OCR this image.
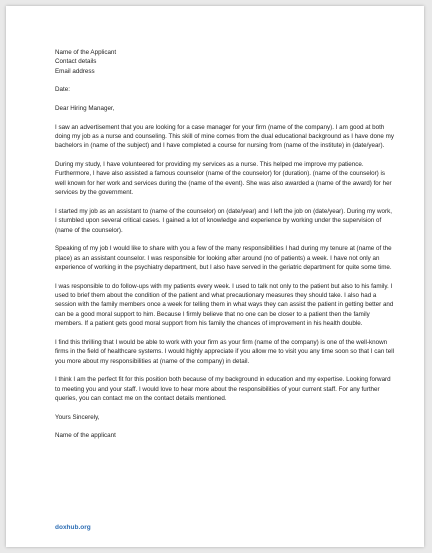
Name of the Applicant

Contact details

Email address

Date:

Dear Hiring Manager,

I saw an advertisement that you are looking for a case manager for your firm (name of the company). I am good at both doing my job as a nurse and counseling. This skill of mine comes from the dual educational background as I have done my bachelors in (name of the subject) and I have completed a course for nursing from (name of the institute) in (date/year).

During my study, I have volunteered for providing my services as a nurse. This helped me improve my patience. Furthermore, I have also assisted a famous counselor (name of the counselor) for (duration). (name of the counselor) is well known for her work and services during the (name of the event). She was also awarded a (name of the award) for her services by the government.

I started my job as an assistant to (name of the counselor) on (date/year) and I left the job on (date/year). During my work, I stumbled upon several critical cases. I gained a lot of knowledge and experience by working under the supervision of (name of the counselor).

Speaking of my job I would like to share with you a few of the many responsibilities I had during my tenure at (name of the place) as an assistant counselor. I was responsible for looking after around (no of patients) a week. I have not only an experience of working in the psychiatry department, but I also have served in the geriatric department for quite some time.

I was responsible to do follow-ups with my patients every week. I used to talk not only to the patient but also to his family. I used to brief them about the condition of the patient and what precautionary measures they should take. I also had a session with the family members once a week for telling them in what ways they can assist the patient in getting better and can be a good moral support to him. Because I firmly believe that no one can be closer to a patient then the family members. If a patient gets good moral support from his family the chances of improvement in his health double.

I find this thrilling that I would be able to work with your firm as your firm (name of the company) is one of the well-known firms in the field of healthcare systems. I would highly appreciate if you allow me to visit you any time soon so that I can tell you more about my responsibilities at (name of the company) in detail.

I think I am the perfect fit for this position both because of my background in education and my expertise. Looking forward to meeting you and your staff. I would love to hear more about the responsibilities of your current staff. For any further queries, you can contact me on the contact details mentioned.

Yours Sincerely,

Name of the applicant

doxhub.org
